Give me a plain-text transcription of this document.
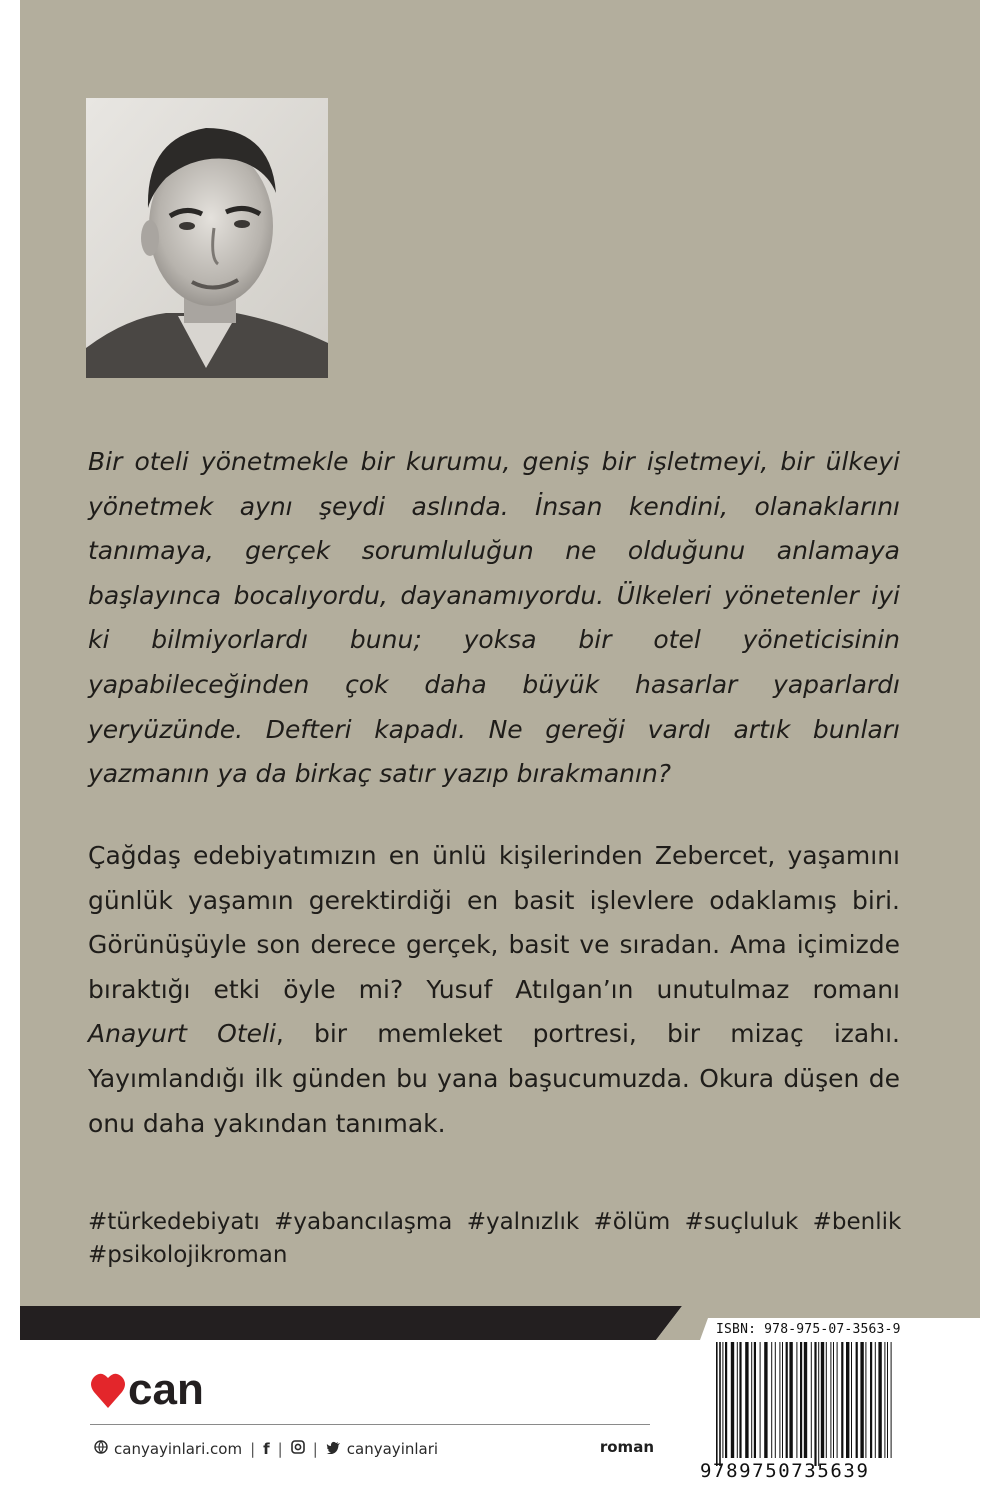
Bir oteli yönetmekle bir kurumu, geniş bir işletmeyi, bir ülkeyi yönetmek aynı şeydi aslında. İnsan kendini, olanaklarını tanımaya, gerçek sorumluluğun ne olduğunu anlamaya başlayınca bocalıyordu, dayanamıyordu. Ülkeleri yönetenler iyi ki bilmiyorlardı bunu; yoksa bir otel yöneticisinin yapabileceğinden çok daha büyük hasarlar yaparlardı yeryüzünde. Defteri kapadı. Ne gereği vardı artık bunları yazmanın ya da birkaç satır yazıp bırakmanın?

Çağdaş edebiyatımızın en ünlü kişilerinden Zebercet, yaşamını günlük yaşamın gerektirdiği en basit işlevlere odaklamış biri. Görünüşüyle son derece gerçek, basit ve sıradan. Ama içimizde bıraktığı etki öyle mi? Yusuf Atılgan’ın unutulmaz romanı Anayurt Oteli, bir memleket portresi, bir mizaç izahı. Yayımlandığı ilk günden bu yana başucumuzda. Okura düşen de onu daha yakından tanımak.

#türkedebiyatı #yabancılaşma #yalnızlık #ölüm #suçluluk #benlik
#psikolojikroman

can
canyayinlari.com | f | | canyayinlari	roman
ISBN: 978-975-07-3563-9
9789750735639
